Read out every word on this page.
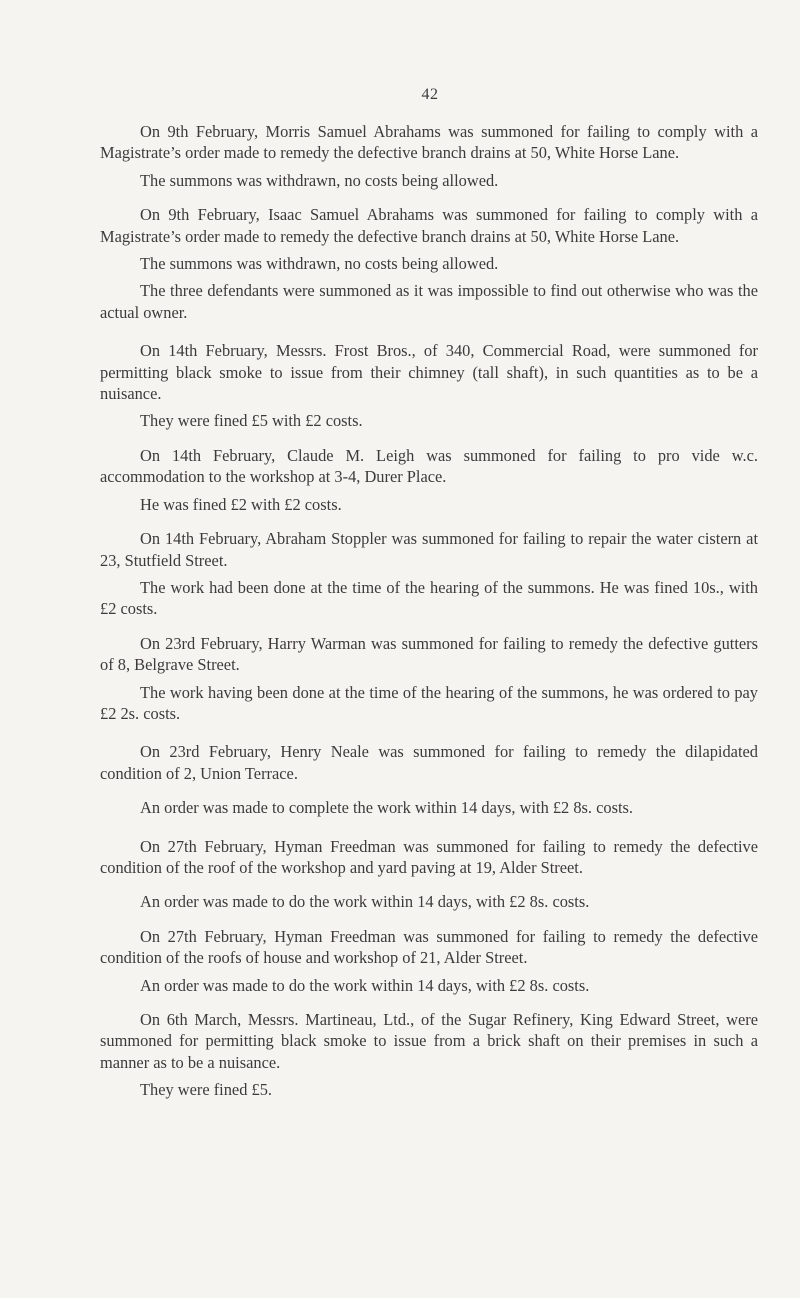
42

On 9th February, Morris Samuel Abrahams was summoned for failing to comply with a Magistrate’s order made to remedy the defective branch drains at 50, White Horse Lane.

The summons was withdrawn, no costs being allowed.

On 9th February, Isaac Samuel Abrahams was summoned for failing to comply with a Magistrate’s order made to remedy the defective branch drains at 50, White Horse Lane.

The summons was withdrawn, no costs being allowed.

The three defendants were summoned as it was impossible to find out otherwise who was the actual owner.

On 14th February, Messrs. Frost Bros., of 340, Commercial Road, were summoned for permitting black smoke to issue from their chimney (tall shaft), in such quantities as to be a nuisance.

They were fined £5 with £2 costs.

On 14th February, Claude M. Leigh was summoned for failing to pro vide w.c. accommodation to the workshop at 3-4, Durer Place.

He was fined £2 with £2 costs.

On 14th February, Abraham Stoppler was summoned for failing to repair the water cistern at 23, Stutfield Street.

The work had been done at the time of the hearing of the summons. He was fined 10s., with £2 costs.

On 23rd February, Harry Warman was summoned for failing to remedy the defective gutters of 8, Belgrave Street.

The work having been done at the time of the hearing of the summons, he was ordered to pay £2 2s. costs.

On 23rd February, Henry Neale was summoned for failing to remedy the dilapidated condition of 2, Union Terrace.

An order was made to complete the work within 14 days, with £2 8s. costs.

On 27th February, Hyman Freedman was summoned for failing to remedy the defective condition of the roof of the workshop and yard paving at 19, Alder Street.

An order was made to do the work within 14 days, with £2 8s. costs.

On 27th February, Hyman Freedman was summoned for failing to remedy the defective condition of the roofs of house and workshop of 21, Alder Street.

An order was made to do the work within 14 days, with £2 8s. costs.

On 6th March, Messrs. Martineau, Ltd., of the Sugar Refinery, King Edward Street, were summoned for permitting black smoke to issue from a brick shaft on their premises in such a manner as to be a nuisance.

They were fined £5.
